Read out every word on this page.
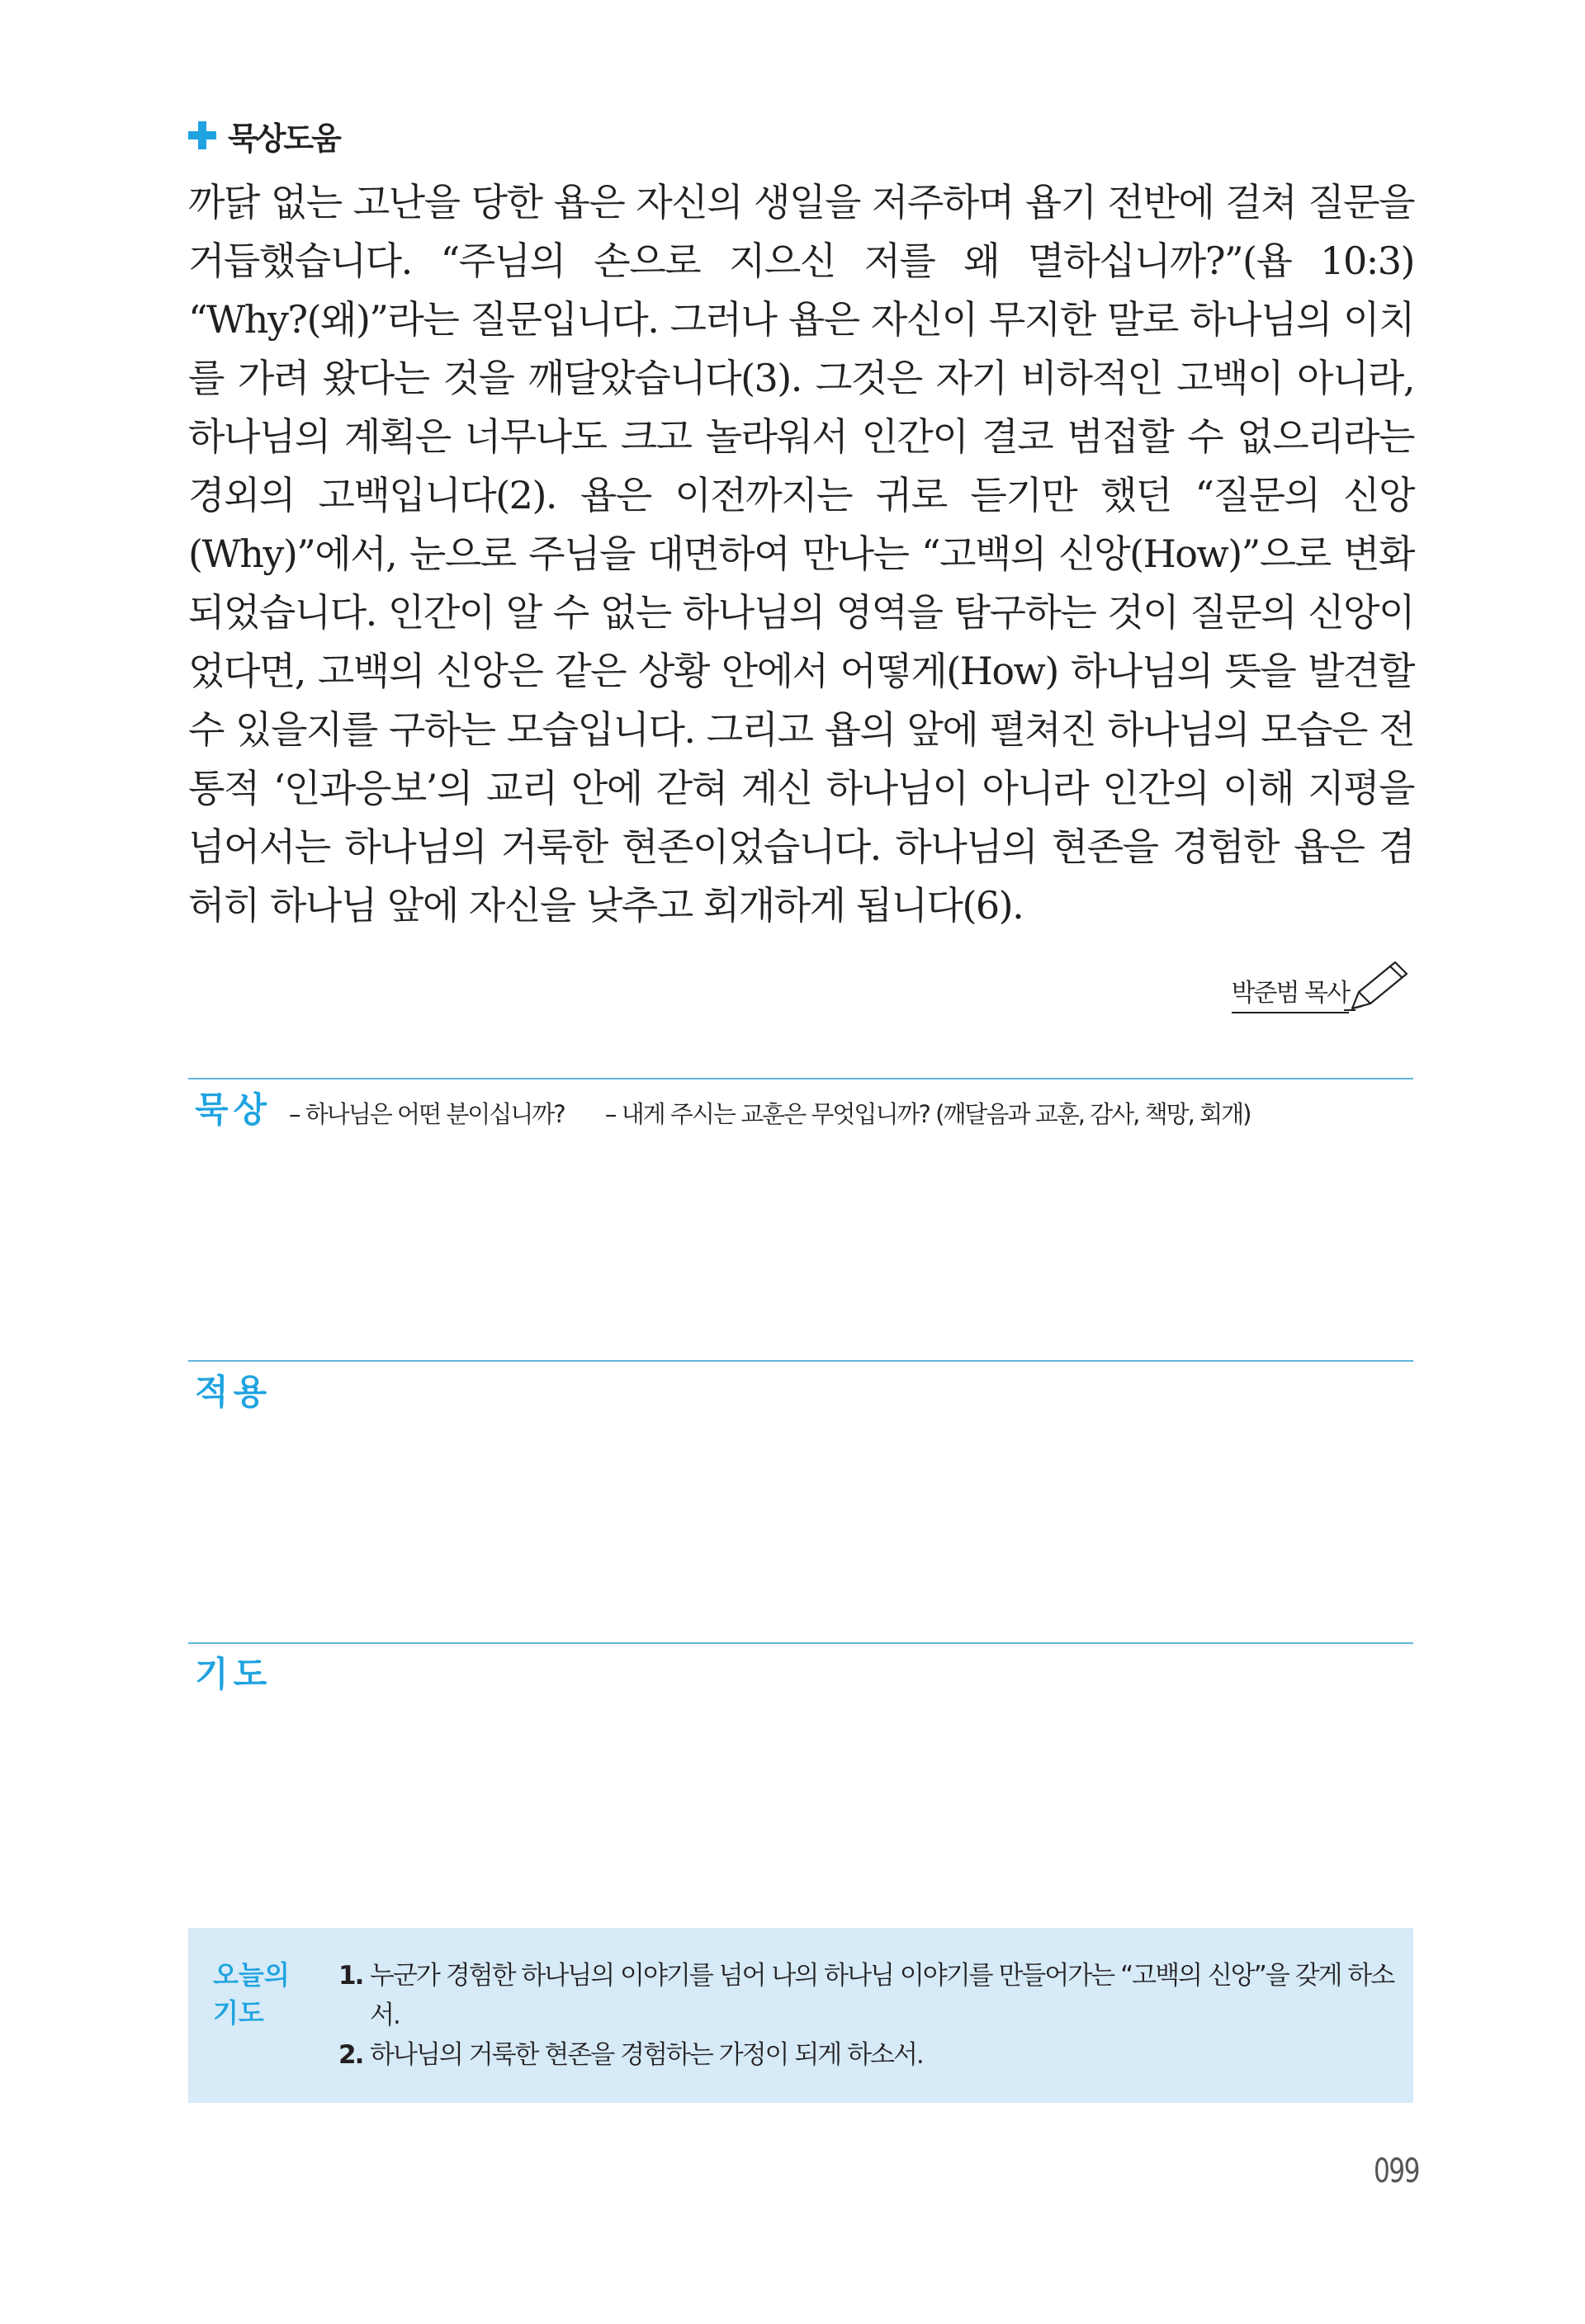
묵상도움
까닭 없는 고난을 당한 욥은 자신의 생일을 저주하며 욥기 전반에 걸쳐 질문을 거듭했습니다. “주님의 손으로 지으신 저를 왜 멸하십니까?”(욥 10:3) “Why?(왜)”라는 질문입니다. 그러나 욥은 자신이 무지한 말로 하나님의 이치를 가려 왔다는 것을 깨달았습니다(3). 그것은 자기 비하적인 고백이 아니라, 하나님의 계획은 너무나도 크고 놀라워서 인간이 결코 범접할 수 없으리라는 경외의 고백입니다(2). 욥은 이전까지는 귀로 듣기만 했던 “질문의 신앙(Why)”에서, 눈으로 주님을 대면하여 만나는 “고백의 신앙(How)”으로 변화되었습니다. 인간이 알 수 없는 하나님의 영역을 탐구하는 것이 질문의 신앙이었다면, 고백의 신앙은 같은 상황 안에서 어떻게(How) 하나님의 뜻을 발견할 수 있을지를 구하는 모습입니다. 그리고 욥의 앞에 펼쳐진 하나님의 모습은 전통적 ‘인과응보’의 교리 안에 갇혀 계신 하나님이 아니라 인간의 이해 지평을 넘어서는 하나님의 거룩한 현존이었습니다. 하나님의 현존을 경험한 욥은 겸허히 하나님 앞에 자신을 낮추고 회개하게 됩니다(6).
박준범 목사
묵상 – 하나님은 어떤 분이십니까? – 내게 주시는 교훈은 무엇입니까? (깨달음과 교훈, 감사, 책망, 회개)
적용
기도
오늘의 기도
1. 누군가 경험한 하나님의 이야기를 넘어 나의 하나님 이야기를 만들어가는 “고백의 신앙”을 갖게 하소서.
2. 하나님의 거룩한 현존을 경험하는 가정이 되게 하소서.
099
